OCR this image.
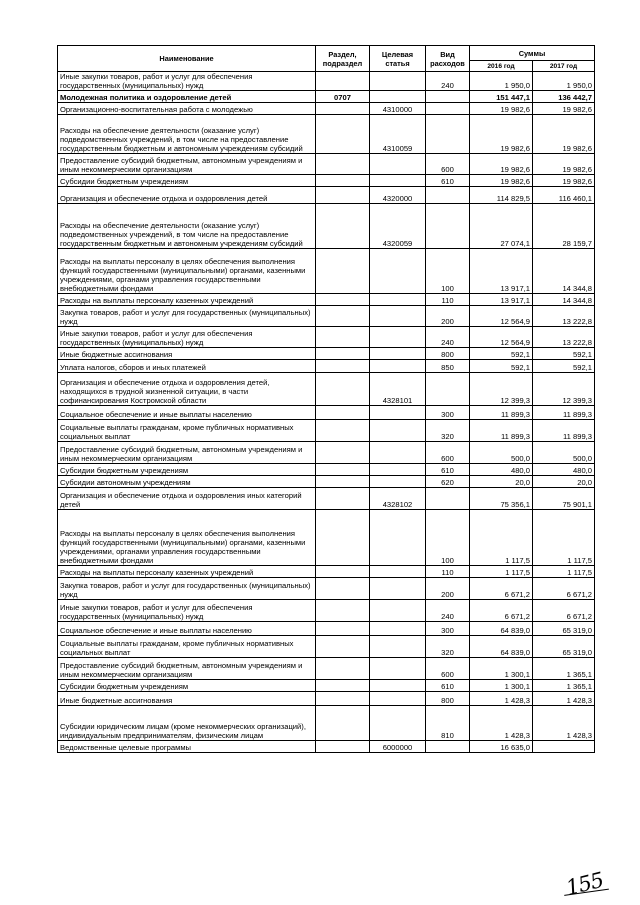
Наименование	Раздел, подраздел	Целевая статья	Вид расходов	Суммы	
				2016 год	2017 год
Иные закупки товаров, работ и услуг для обеспечения государственных (муниципальных) нужд			240	1 950,0	1 950,0
Молодежная политика и оздоровление детей	0707			151 447,1	136 442,7
Организационно-воспитательная работа с молодежью		4310000		19 982,6	19 982,6
Расходы на обеспечение деятельности (оказание услуг) подведомственных учреждений, в том числе на предоставление государственным бюджетным и автономным учреждениям субсидий		4310059		19 982,6	19 982,6
Предоставление субсидий бюджетным, автономным учреждениям и иным некоммерческим организациям			600	19 982,6	19 982,6
Субсидии бюджетным учреждениям			610	19 982,6	19 982,6
Организация и обеспечение отдыха и оздоровления детей		4320000		114 829,5	116 460,1
Расходы на обеспечение деятельности (оказание услуг) подведомственных учреждений, в том числе на предоставление государственным бюджетным и автономным учреждениям субсидий		4320059		27 074,1	28 159,7
Расходы на выплаты персоналу в целях обеспечения выполнения функций государственными (муниципальными) органами, казенными учреждениями, органами управления государственными внебюджетными фондами			100	13 917,1	14 344,8
Расходы на выплаты персоналу казенных учреждений			110	13 917,1	14 344,8
Закупка товаров, работ и услуг для государственных (муниципальных) нужд			200	12 564,9	13 222,8
Иные закупки товаров, работ и услуг для обеспечения государственных (муниципальных) нужд			240	12 564,9	13 222,8
Иные бюджетные ассигнования			800	592,1	592,1
Уплата налогов, сборов и иных платежей			850	592,1	592,1
Организация и обеспечение отдыха и оздоровления детей, находящихся в трудной жизненной ситуации, в части софинансирования Костромской области		4328101		12 399,3	12 399,3
Социальное обеспечение и иные выплаты населению			300	11 899,3	11 899,3
Социальные выплаты гражданам, кроме публичных нормативных социальных выплат			320	11 899,3	11 899,3
Предоставление субсидий бюджетным, автономным учреждениям и иным некоммерческим организациям			600	500,0	500,0
Субсидии бюджетным учреждениям			610	480,0	480,0
Субсидии автономным учреждениям			620	20,0	20,0
Организация и обеспечение отдыха и оздоровления иных категорий детей		4328102		75 356,1	75 901,1
Расходы на выплаты персоналу в целях обеспечения выполнения функций государственными (муниципальными) органами, казенными учреждениями, органами управления государственными внебюджетными фондами			100	1 117,5	1 117,5
Расходы на выплаты персоналу казенных учреждений			110	1 117,5	1 117,5
Закупка товаров, работ и услуг для государственных (муниципальных) нужд			200	6 671,2	6 671,2
Иные закупки товаров, работ и услуг для обеспечения государственных (муниципальных) нужд			240	6 671,2	6 671,2
Социальное обеспечение и иные выплаты населению			300	64 839,0	65 319,0
Социальные выплаты гражданам, кроме публичных нормативных социальных выплат			320	64 839,0	65 319,0
Предоставление субсидий бюджетным, автономным учреждениям и иным некоммерческим организациям			600	1 300,1	1 365,1
Субсидии бюджетным учреждениям			610	1 300,1	1 365,1
Иные бюджетные ассигнования			800	1 428,3	1 428,3
Субсидии юридическим лицам (кроме некоммерческих организаций), индивидуальным предпринимателям, физическим лицам			810	1 428,3	1 428,3
Ведомственные целевые программы		6000000		16 635,0	
155
